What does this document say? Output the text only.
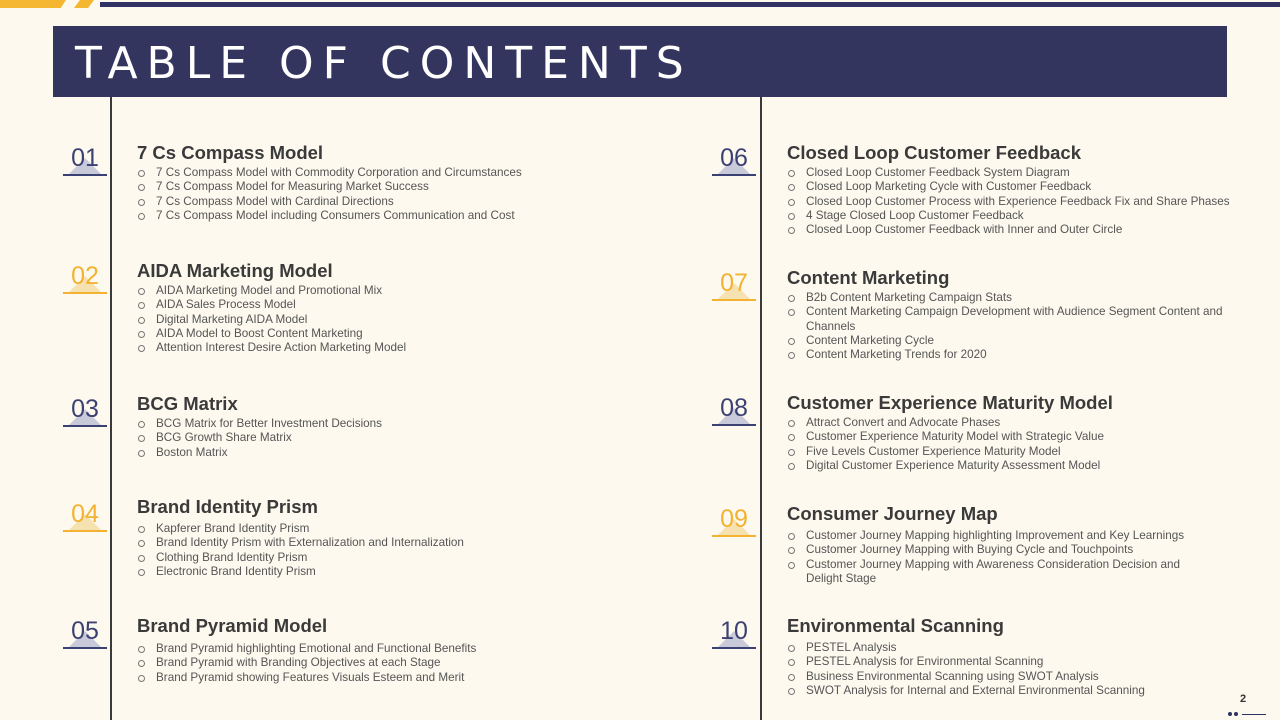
TABLE OF CONTENTS
01	7 Cs Compass Model
7 Cs Compass Model with Commodity Corporation and Circumstances
7 Cs Compass Model for Measuring Market Success
7 Cs Compass Model with Cardinal Directions
7 Cs Compass Model including Consumers Communication and Cost
02	AIDA Marketing Model
AIDA Marketing Model and Promotional Mix
AIDA Sales Process Model
Digital Marketing AIDA Model
AIDA Model to Boost Content Marketing
Attention Interest Desire Action Marketing Model
03	BCG Matrix
BCG Matrix for Better Investment Decisions
BCG Growth Share Matrix
Boston Matrix
04	Brand Identity Prism
Kapferer Brand Identity Prism
Brand Identity Prism with Externalization and Internalization
Clothing Brand Identity Prism
Electronic Brand Identity Prism
05	Brand Pyramid Model
Brand Pyramid highlighting Emotional and Functional Benefits
Brand Pyramid with Branding Objectives at each Stage
Brand Pyramid showing Features Visuals Esteem and Merit
06	Closed Loop Customer Feedback
Closed Loop Customer Feedback System Diagram
Closed Loop Marketing Cycle with Customer Feedback
Closed Loop Customer Process with Experience Feedback Fix and Share Phases
4 Stage Closed Loop Customer Feedback
Closed Loop Customer Feedback with Inner and Outer Circle
07	Content Marketing
B2b Content Marketing Campaign Stats
Content Marketing Campaign Development with Audience Segment Content and Channels
Content Marketing Cycle
Content Marketing Trends for 2020
08	Customer Experience Maturity Model
Attract Convert and Advocate Phases
Customer Experience Maturity Model with Strategic Value
Five Levels Customer Experience Maturity Model
Digital Customer Experience Maturity Assessment Model
09	Consumer Journey Map
Customer Journey Mapping highlighting Improvement and Key Learnings
Customer Journey Mapping with Buying Cycle and Touchpoints
Customer Journey Mapping with Awareness Consideration Decision and Delight Stage
10	Environmental Scanning
PESTEL Analysis
PESTEL Analysis for Environmental Scanning
Business Environmental Scanning using SWOT Analysis
SWOT Analysis for Internal and External Environmental Scanning
2
